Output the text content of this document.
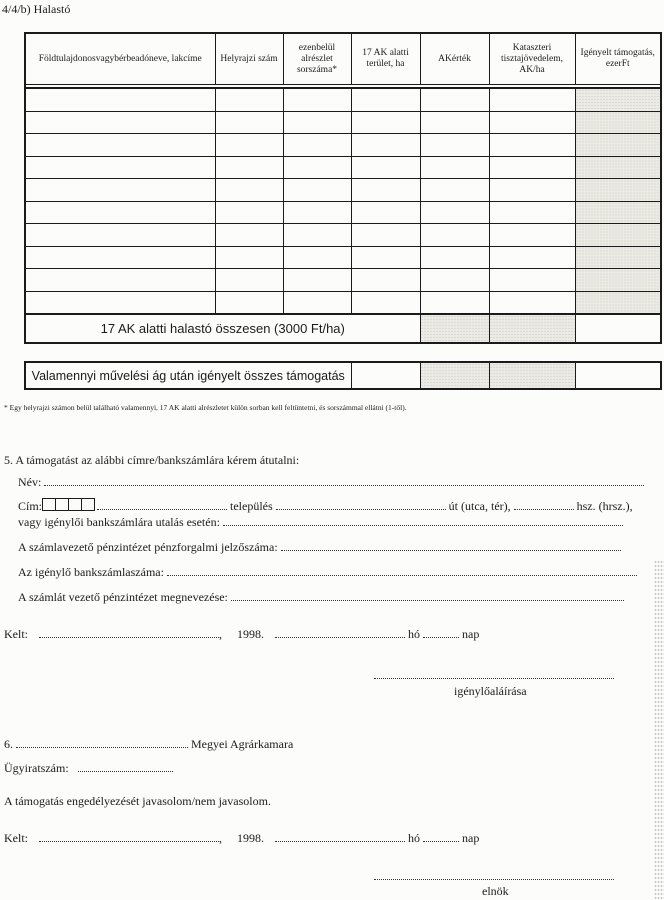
4/4/b) Halastó
Földtulajdonosvagybérbeadóneve, lakcíme	Helyrajzi szám	ezenbelül alrészlet sorszáma*	17 AK alatti terület, ha	AKérték	Kataszteri tisztajövedelem, AK/ha	Igényelt támogatás, ezerFt

17 AK alatti halastó összesen (3000 Ft/ha)						
Valamennyi művelési ág után igényelt összes támogatás				
* Egy helyrajzi számon belül található valamennyi, 17 AK alatti alrészletet külön sorban kell feltüntetni, és sorszámmal ellátni (1-től).
5. A támogatást az alábbi címre/bankszámlára kérem átutalni:
Név:
Cím:	település	út (utca, tér),	hsz. (hrsz.),
vagy igénylői bankszámlára utalás esetén:
A számlavezető pénzintézet pénzforgalmi jelzőszáma:
Az igénylő bankszámlaszáma:
A számlát vezető pénzintézet megnevezése:
Kelt:	, 1998.	hó	nap
igénylőaláírása
6.	Megyei Agrárkamara
Ügyiratszám:
A támogatás engedélyezését javasolom/nem javasolom.
Kelt:	, 1998.	hó	nap
elnök
